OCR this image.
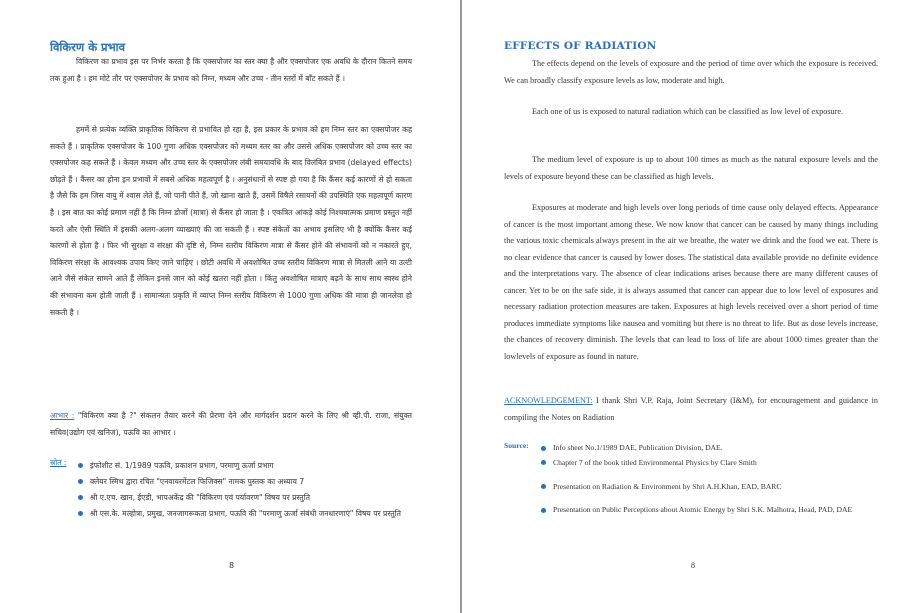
विकिरण के प्रभाव
विकिरण का प्रभाव इस पर निर्भर करता है कि एक्सपोजर का स्तर क्या है और एक्सपोजर एक अवधि के दौरान कितने समय तक हुआ है । हम मोटे तौर पर एक्सपोजर के प्रभाव को निम्न, मध्यम और उच्च - तीन स्तरों में बाँट सकते हैं ।
हममें से प्रत्येक व्यक्ति प्राकृतिक विकिरण से प्रभावित हो रहा है, इस प्रकार के प्रभाव को हम निम्न स्तर का एक्सपोजर कह सकते हैं । प्राकृतिक एक्सपोजर के 100 गुणा अधिक एक्सपोजर को मध्यम स्तर का और उससे अधिक एक्सपोजर को उच्च स्तर का एक्सपोजर कह सकते हैं । केवल मध्यम और उच्च स्तर के एक्सपोजर लंबी समयावधि के बाद विलंबित प्रभाव (delayed effects) छोड़ते हैं । कैंसर का होना इन प्रभावों में सबसे अधिक महत्वपूर्ण है । अनुसंधानों से स्पष्ट हो गया है कि कैंसर कई कारणों से हो सकता है जैसे कि हम जिस वायु में श्वास लेते हैं, जो पानी पीते हैं, जो खाना खाते हैं, उसमें विषैले रसायनों की उपस्थिति एक महत्वपूर्ण कारण है । इस बात का कोई प्रमाण नहीं है कि निम्न डोजों (मात्रा) से कैंसर हो जाता है । एकत्रित आंकड़े कोई निश्चयात्मक प्रमाण प्रस्तुत नहीं करते और ऐसी स्थिति में इसकी अलग-अलग व्याख्याएं की जा सकती हैं । स्पष्ट संकेतों का अभाव इसलिए भी है क्योंकि कैंसर कई कारणों से होता है । फिर भी सुरक्षा व संरक्षा की दृष्टि से, निम्न स्तरीय विकिरण मात्रा से कैंसर होने की संभावनों को न नकारते हुए, विकिरण संरक्षा के आवश्यक उपाय किए जाने चाहिए । छोटी अवधि में अवशोषित उच्च स्तरीय विकिरण मात्रा से मितली आने या उल्टी आने जैसे संकेत सामने आते हैं लेकिन इनसे जान को कोई खतरा नहीं होता । किंतु अवशोषित मात्राएं बढ़ने के साथ साथ स्वस्थ होने की संभावना कम होती जाती हैं । सामान्यतः प्रकृति में व्याप्त निम्न स्तरीय विकिरण से 1000 गुणा अधिक की मात्रा ही जानलेवा हो सकती है ।
आभार : "विकिरण क्या है ?" संकलन तैयार करने की प्रेरणा देने और मार्गदर्शन प्रदान करने के लिए श्री व्ही.पी. राजा, संयुक्त सचिव(उद्योग एवं खनिज), पऊवि का आभार ।
स्रोत :	इंफोशीट सं. 1/1989 पऊवि, प्रकाशन प्रभाग, परमाणु ऊर्जा प्रभाग
क्लेयर स्मिथ द्वारा रचित "एनवायरमेंटल फिजिक्स" नामक पुस्तक का अध्याय 7
श्री ए.एच. खान, ईएडी, भापअकेंद्र की "विकिरण एवं पर्यावरण" विषय पर प्रस्तुति
श्री एस.के. मल्होत्रा, प्रमुख, जनजागरूकता प्रभाग, पऊवि की "परमाणु ऊर्जा संबंधी जनधारणाएं" विषय पर प्रस्तुति
8
EFFECTS OF RADIATION
The effects depend on the levels of exposure and the period of time over which the exposure is received. We can broadly classify exposure levels as low, moderate and high.
Each one of us is exposed to natural radiation which can be classified as low level of exposure.
The medium level of exposure is up to about 100 times as much as the natural exposure levels and the levels of exposure beyond these can be classified as high levels.
Exposures at moderate and high levels over long periods of time cause only delayed effects. Appearance of cancer is the most important among these. We now know that cancer can be caused by many things including the various toxic chemicals always present in the air we breathe, the water we drink and the food we eat. There is no clear evidence that cancer is caused by lower doses. The statistical data available provide no definite evidence and the interpretations vary. The absence of clear indications arises because there are many different causes of cancer. Yet to be on the safe side, it is always assumed that cancer can appear due to low level of exposures and necessary radiation protection measures are taken. Exposures at high levels received over a short period of time produces immediate symptoms like nausea and vomiting but there is no threat to life. But as dose levels increase, the chances of recovery diminish. The levels that can lead to loss of life are about 1000 times greater than the lowlevels of exposure as found in nature.
ACKNOWLEDGEMENT: I thank Shri V.P. Raja, Joint Secretary (I&M), for encouragement and guidance in compiling the Notes on Radiation
Source:	Info sheet No.1/1989 DAE, Publication Division, DAE.
Chapter 7 of the book titled Environmental Physics by Clare Smith
Presentation on Radiation & Environment by Shri A.H.Khan, EAD, BARC
Presentation on Public Perceptions about Atomic Energy by Shri S.K. Malhotra, Head, PAD, DAE
8
